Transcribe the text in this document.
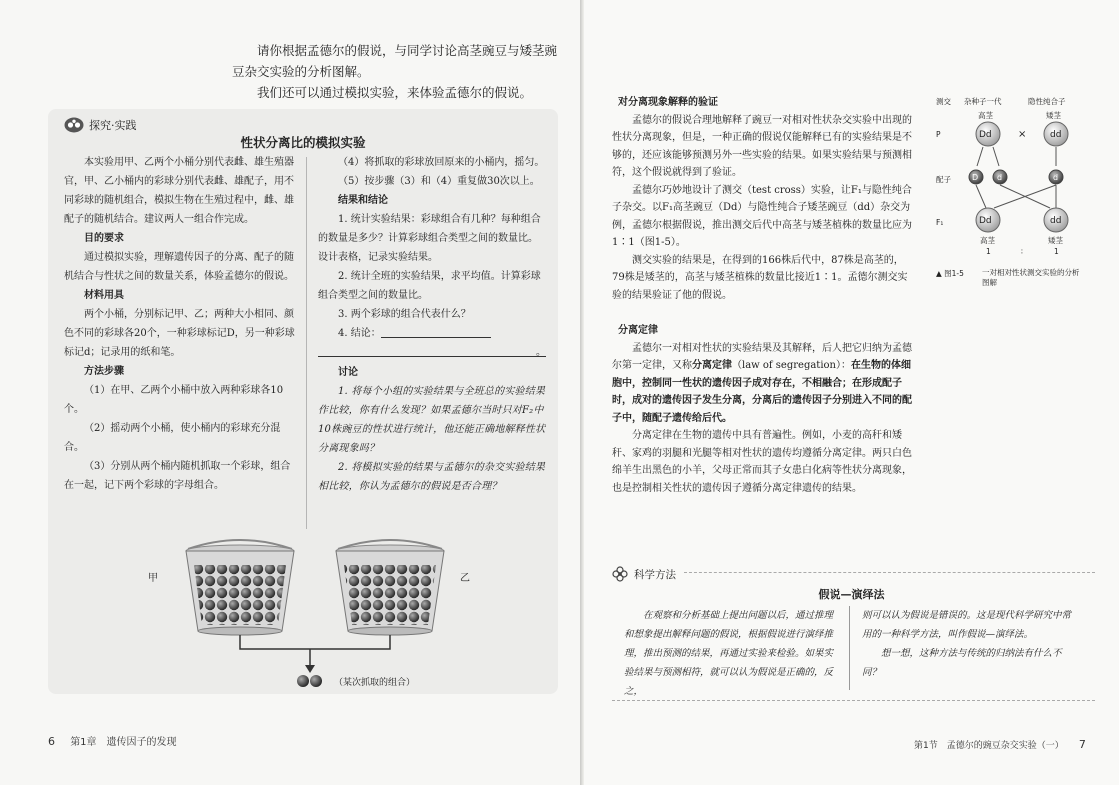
请你根据孟德尔的假说，与同学讨论高茎豌豆与矮茎豌豆杂交实验的分析图解。

我们还可以通过模拟实验，来体验孟德尔的假说。

探究·实践
性状分离比的模拟实验

本实验用甲、乙两个小桶分别代表雌、雄生殖器官，甲、乙小桶内的彩球分别代表雌、雄配子，用不同彩球的随机组合，模拟生物在生殖过程中，雌、雄配子的随机结合。建议两人一组合作完成。

目的要求

通过模拟实验，理解遗传因子的分离、配子的随机结合与性状之间的数量关系，体验孟德尔的假说。

材料用具

两个小桶，分别标记甲、乙；两种大小相同、颜色不同的彩球各20个，一种彩球标记D，另一种彩球标记d；记录用的纸和笔。

方法步骤

（1）在甲、乙两个小桶中放入两种彩球各10个。

（2）摇动两个小桶，使小桶内的彩球充分混合。

（3）分别从两个桶内随机抓取一个彩球，组合在一起，记下两个彩球的字母组合。

（4）将抓取的彩球放回原来的小桶内，摇匀。

（5）按步骤（3）和（4）重复做30次以上。

结果和结论

1. 统计实验结果：彩球组合有几种？每种组合的数量是多少？计算彩球组合类型之间的数量比。设计表格，记录实验结果。

2. 统计全班的实验结果，求平均值。计算彩球组合类型之间的数量比。

3. 两个彩球的组合代表什么？

4. 结论：

。
讨论

1. 将每个小组的实验结果与全班总的实验结果作比较，你有什么发现？如果孟德尔当时只对F₂中10株豌豆的性状进行统计，他还能正确地解释性状分离现象吗？

2. 将模拟实验的结果与孟德尔的杂交实验结果相比较，你认为孟德尔的假说是否合理？

甲	乙
（某次抓取的组合）
6 第1章　遗传因子的发现
对分离现象解释的验证

孟德尔的假说合理地解释了豌豆一对相对性状杂交实验中出现的性状分离现象，但是，一种正确的假说仅能解释已有的实验结果是不够的，还应该能够预测另外一些实验的结果。如果实验结果与预测相符，这个假说就得到了验证。

孟德尔巧妙地设计了测交（test cross）实验，让F₁与隐性纯合子杂交。以F₁高茎豌豆（Dd）与隐性纯合子矮茎豌豆（dd）杂交为例，孟德尔根据假说，推出测交后代中高茎与矮茎植株的数量比应为1∶1（图1-5）。

测交实验的结果是，在得到的166株后代中，87株是高茎的，79株是矮茎的，高茎与矮茎植株的数量比接近1∶1。孟德尔测交实验的结果验证了他的假说。

测交 杂种子一代	隐性纯合子
高茎	矮茎
P
配子
F₁
Dd	×	dd
D d	d
Dd	dd
高茎	矮茎
1	∶	1
▲ 图1-5 一对相对性状测交实验的分析图解
分离定律

孟德尔一对相对性状的实验结果及其解释，后人把它归纳为孟德尔第一定律，又称分离定律（law of segregation）：在生物的体细胞中，控制同一性状的遗传因子成对存在，不相融合；在形成配子时，成对的遗传因子发生分离，分离后的遗传因子分别进入不同的配子中，随配子遗传给后代。

分离定律在生物的遗传中具有普遍性。例如，小麦的高秆和矮秆、家鸡的羽腿和光腿等相对性状的遗传均遵循分离定律。两只白色绵羊生出黑色的小羊，父母正常而其子女患白化病等性状分离现象，也是控制相关性状的遗传因子遵循分离定律遗传的结果。

科学方法
假说—演绎法

在观察和分析基础上提出问题以后，通过推理和想象提出解释问题的假说，根据假说进行演绎推理，推出预测的结果，再通过实验来检验。如果实验结果与预测相符，就可以认为假说是正确的，反之，

则可以认为假说是错误的。这是现代科学研究中常用的一种科学方法，叫作假说—演绎法。

想一想，这种方法与传统的归纳法有什么不同？

第1节　孟德尔的豌豆杂交实验（一） 7
